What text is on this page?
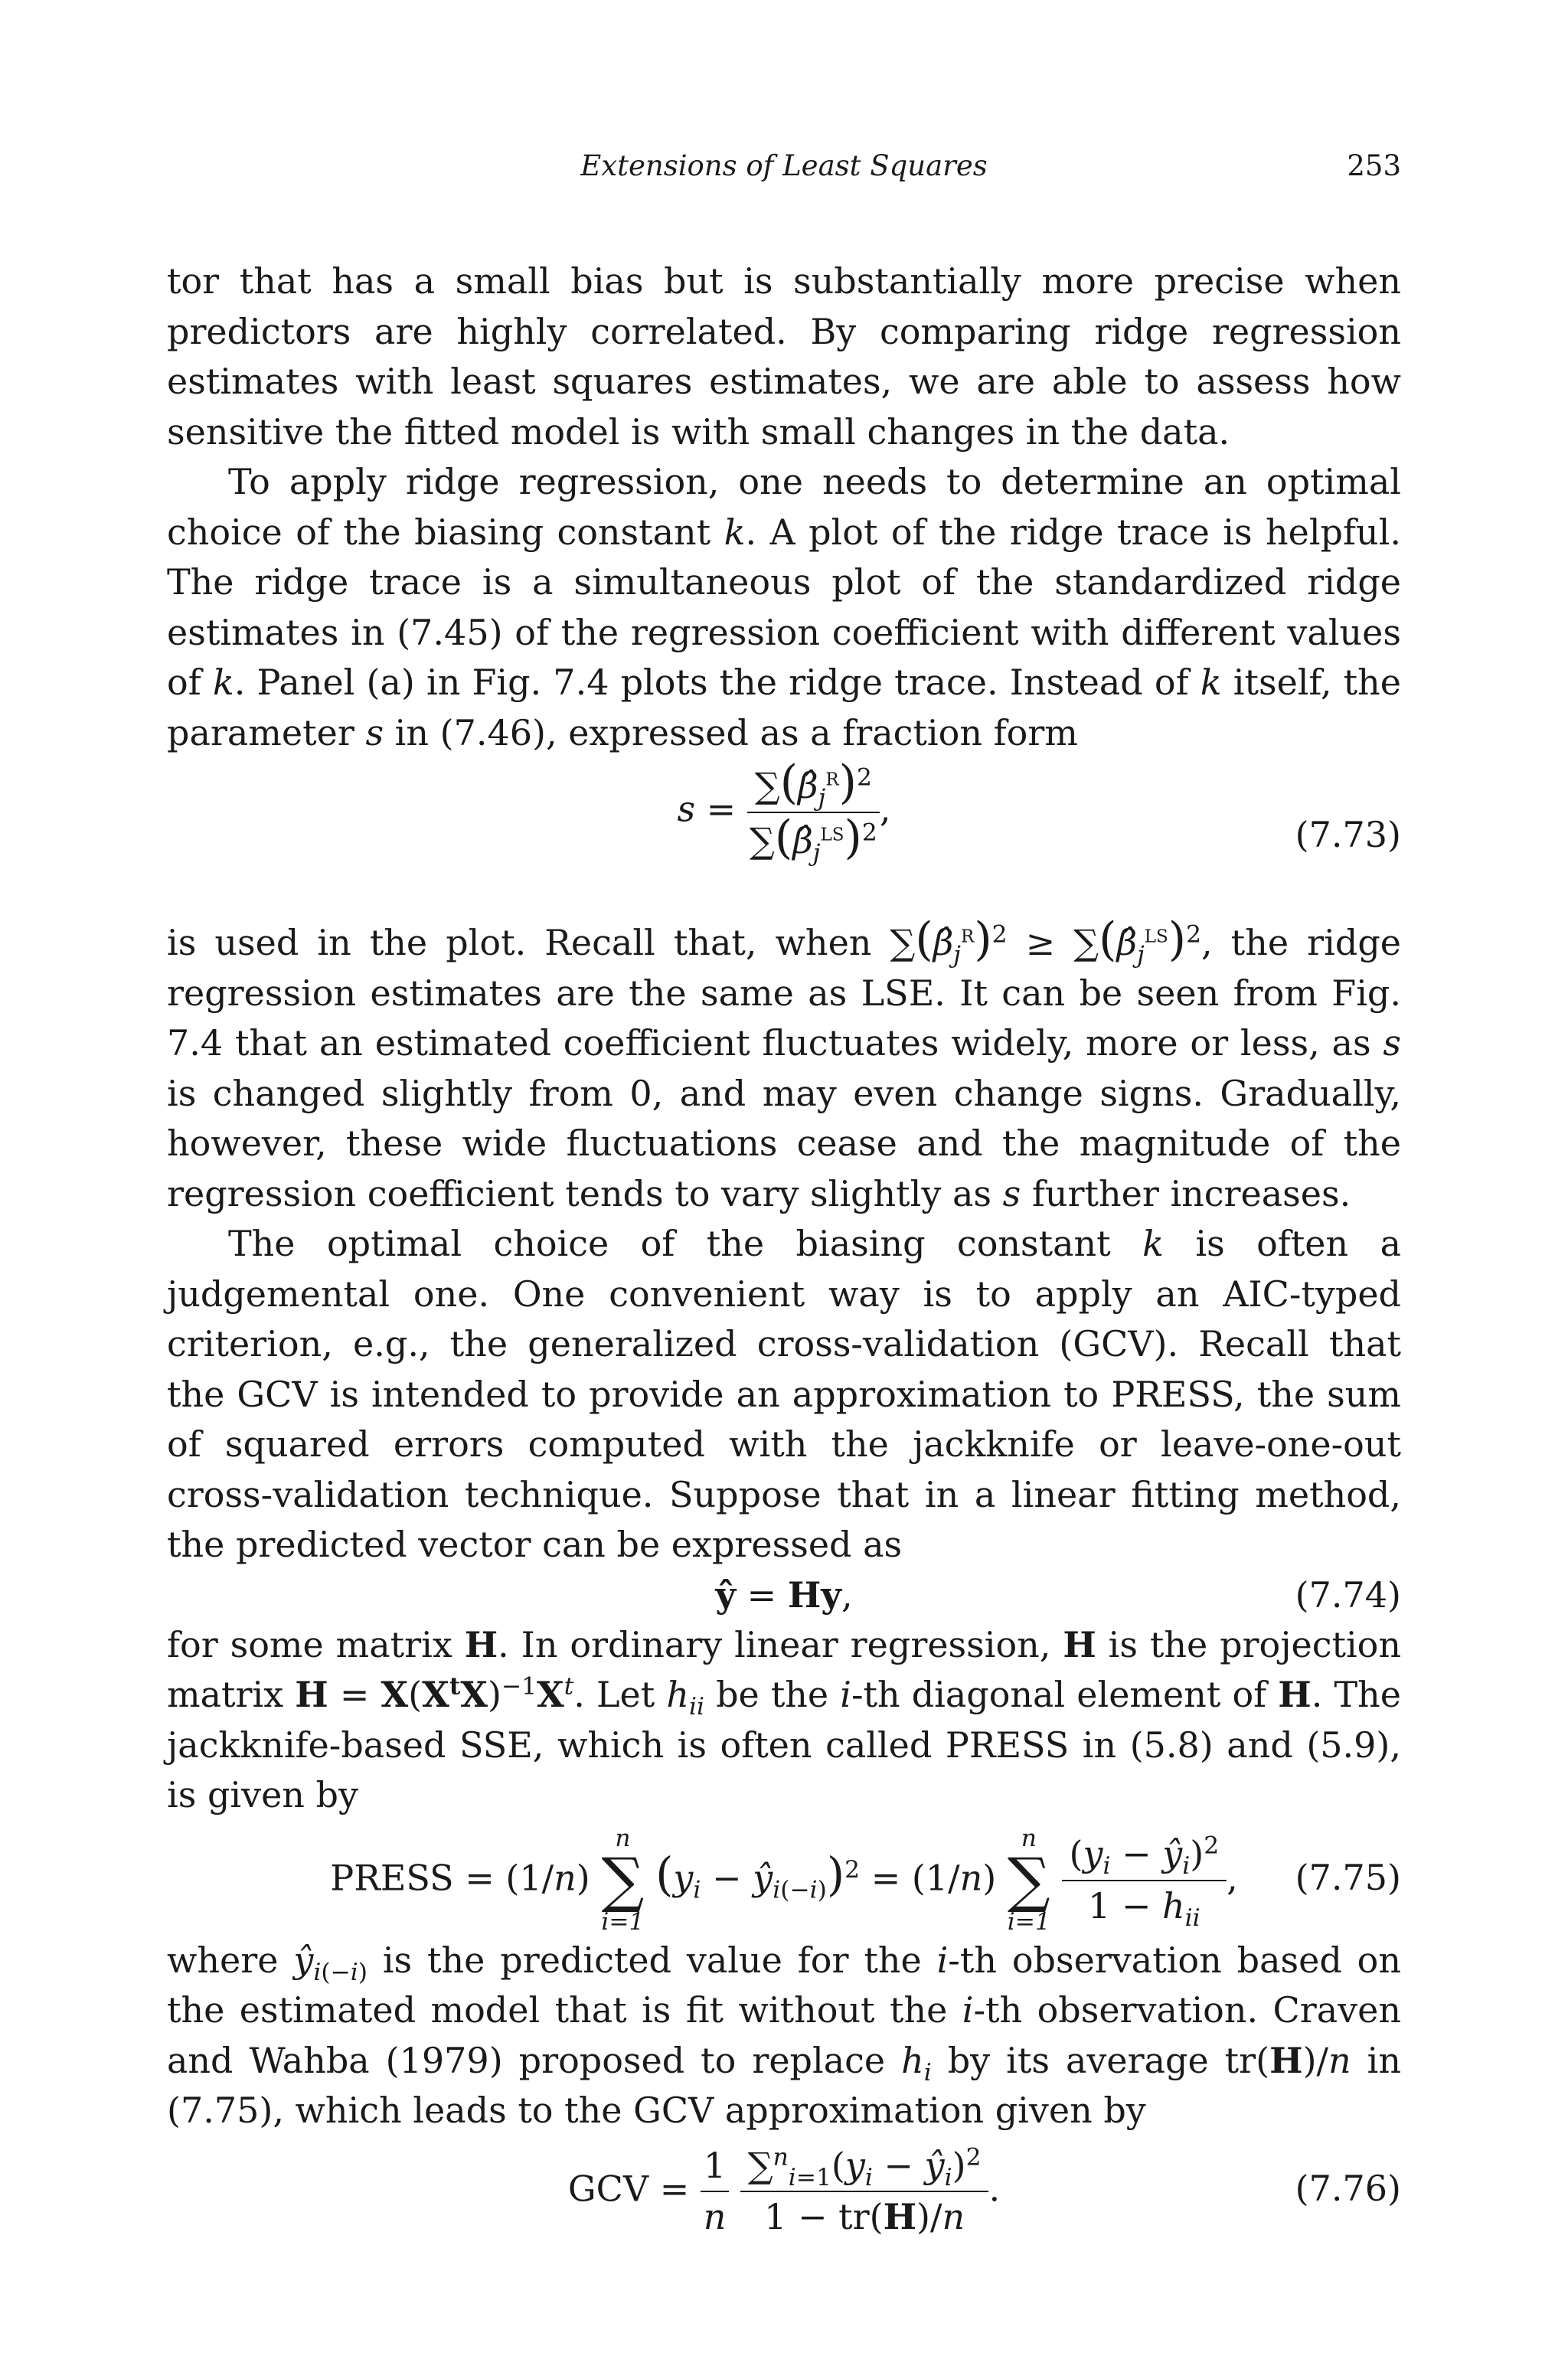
Extensions of Least Squares	253

tor that has a small bias but is substantially more precise when predictors are highly correlated. By comparing ridge regression estimates with least squares estimates, we are able to assess how sensitive the fitted model is with small changes in the data.

To apply ridge regression, one needs to determine an optimal choice of the biasing constant k. A plot of the ridge trace is helpful. The ridge trace is a simultaneous plot of the standardized ridge estimates in (7.45) of the regression coefficient with different values of k. Panel (a) in Fig. 7.4 plots the ridge trace. Instead of k itself, the parameter s in (7.46), expressed as a fraction form

$s = \frac{\sum(\betâ_j^R)^2}{\sum(\betâ_j^{LS})^2}$ ,
(7.73)

is used in the plot. Recall that, when $\sum(\betâ_j^R)^2$ ≥ $\sum(\betâ_j^{LS})^2$, the ridge regression estimates are the same as LSE. It can be seen from Fig. 7.4 that an estimated coefficient fluctuates widely, more or less, as s is changed slightly from 0, and may even change signs. Gradually, however, these wide fluctuations cease and the magnitude of the regression coefficient tends to vary slightly as s further increases.

The optimal choice of the biasing constant k is often a judgemental one. One convenient way is to apply an AIC-typed criterion, e.g., the generalized cross-validation (GCV). Recall that the GCV is intended to provide an approximation to PRESS, the sum of squared errors computed with the jackknife or leave-one-out cross-validation technique. Suppose that in a linear fitting method, the predicted vector can be expressed as

ŷ = Hy,	(7.74)

for some matrix H. In ordinary linear regression, H is the projection matrix $H = X(X^tX)^{-1}X^t$. Let $h_{ii}$ be the i-th diagonal element of H. The jackknife-based SSE, which is often called PRESS in (5.8) and (5.9), is given by

PRESS = (1/n)
n
∑
i=1
($y_i$ − $ŷ_{i(-i)})^2 = (1/n)$
n
∑
i=1
$\frac{(y_i - ŷ_i)^2}{1 - h_{ii}}$ ,	(7.75)

where $ŷ_{i(-i)}$ is the predicted value for the i-th observation based on the estimated model that is fit without the i-th observation. Craven and Wahba (1979) proposed to replace $h_i$ by its average tr(H)/n in (7.75), which leads to the GCV approximation given by

GCV = $\frac{1}{n}$
$\frac{\sum^n_{i=1}(y_i - ŷ_i)^2}{1 - tr(H)/n}$ .	(7.76)
